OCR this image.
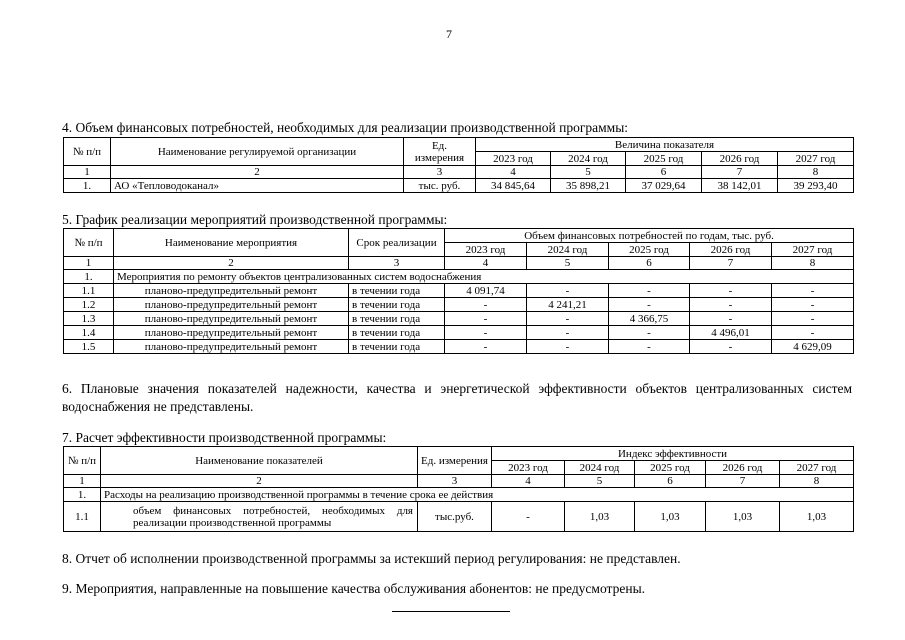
7
4. Объем финансовых потребностей, необходимых для реализации производственной программы:
№ п/п	Наименование регулируемой организации	Ед. измерения	Величина показателя				
			2023 год	2024 год	2025 год	2026 год	2027 год
1	2	3	4	5	6	7	8
1.	АО «Тепловодоканал»	тыс. руб.	34 845,64	35 898,21	37 029,64	38 142,01	39 293,40
5. График реализации мероприятий производственной программы:
№ п/п	Наименование мероприятия	Срок реализации	Объем финансовых потребностей по годам, тыс. руб.				
			2023 год	2024 год	2025 год	2026 год	2027 год
1	2	3	4	5	6	7	8
1.	Мероприятия по ремонту объектов централизованных систем водоснабжения						
1.1	планово-предупредительный ремонт	в течении года	4 091,74	-	-	-	-
1.2	планово-предупредительный ремонт	в течении года	-	4 241,21	-	-	-
1.3	планово-предупредительный ремонт	в течении года	-	-	4 366,75	-	-
1.4	планово-предупредительный ремонт	в течении года	-	-	-	4 496,01	-
1.5	планово-предупредительный ремонт	в течении года	-	-	-	-	4 629,09
6. Плановые значения показателей надежности, качества и энергетической эффективности объектов централизованных систем водоснабжения не представлены.
7. Расчет эффективности производственной программы:
№ п/п	Наименование показателей	Ед. измерения	Индекс эффективности				
			2023 год	2024 год	2025 год	2026 год	2027 год
1	2	3	4	5	6	7	8
1.	Расходы на реализацию производственной программы в течение срока ее действия						
1.1	объем финансовых потребностей, необходимых для реализации производственной программы	тыс.руб.	-	1,03	1,03	1,03	1,03
8. Отчет об исполнении производственной программы за истекший период регулирования: не представлен.
9. Мероприятия, направленные на повышение качества обслуживания абонентов: не предусмотрены.
